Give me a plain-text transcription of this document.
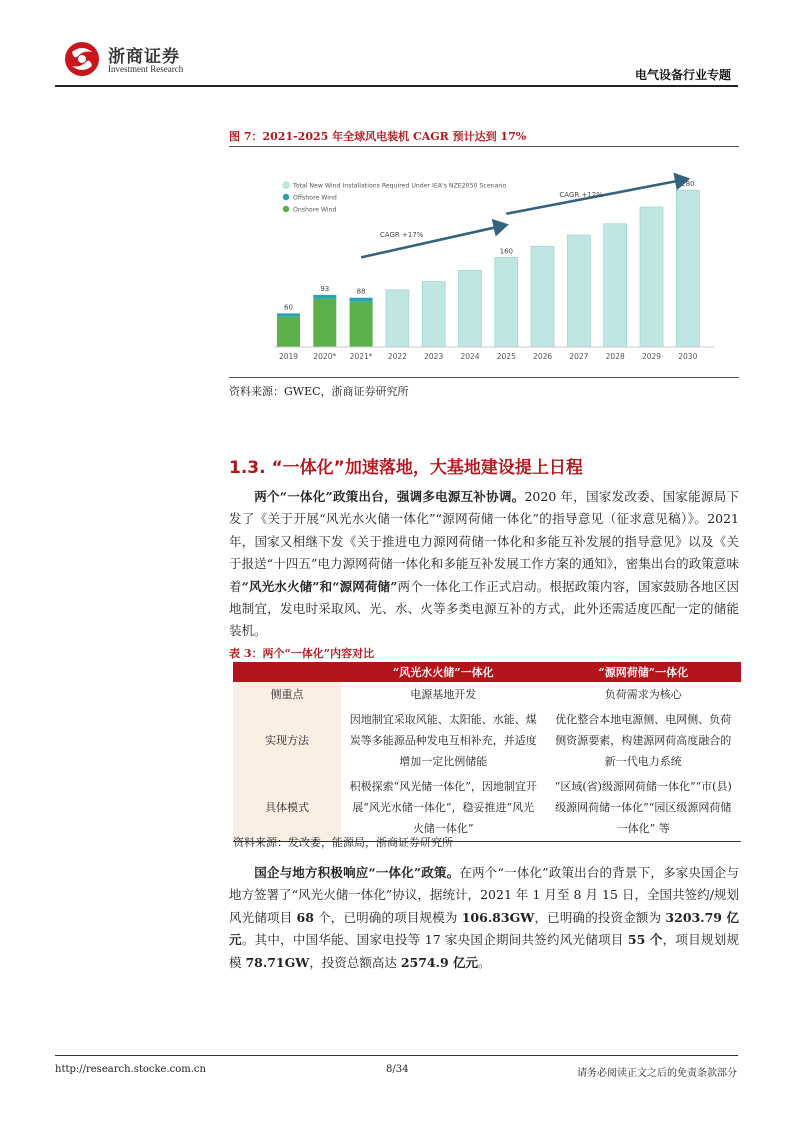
浙商证券
Investment Research	电气设备行业专题
图 7：2021-2025 年全球风电装机 CAGR 预计达到 17%
Total New Wind Installations Required Under IEA's NZE2050 Scenario
Offshore Wind
Onshore Wind
60
2019
93
2020*
88
2021* 2022 2023 2024
160
2025 2026 2027 2028 2029
280
2030
CAGR +17%
CAGR +12%
资料来源：GWEC，浙商证券研究所
1.3. “一体化”加速落地，大基地建设提上日程
两个“一体化”政策出台，强调多电源互补协调。2020 年，国家发改委、国家能源局下发了《关于开展“风光水火储一体化”“源网荷储一体化”的指导意见（征求意见稿）》。2021 年，国家又相继下发《关于推进电力源网荷储一体化和多能互补发展的指导意见》以及《关于报送“十四五”电力源网荷储一体化和多能互补发展工作方案的通知》，密集出台的政策意味着“风光水火储”和“源网荷储”两个一体化工作正式启动。根据政策内容，国家鼓励各地区因地制宜，发电时采取风、光、水、火等多类电源互补的方式，此外还需适度匹配一定的储能装机。
表 3：两个“一体化”内容对比
	“风光水火储”一体化	“源网荷储”一体化
侧重点	电源基地开发	负荷需求为核心
实现方法	因地制宜采取风能、太阳能、水能、煤炭等多能源品种发电互相补充，并适度增加一定比例储能	优化整合本地电源侧、电网侧、负荷侧资源要素，构建源网荷高度融合的新一代电力系统
具体模式	积极探索“风光储一体化”，因地制宜开展“风光水储一体化”，稳妥推进“风光火储一体化”	“区域(省)级源网荷储一体化”“市(县)级源网荷储一体化”“园区级源网荷储一体化” 等
资料来源：发改委，能源局，浙商证券研究所
国企与地方积极响应“一体化”政策。在两个“一体化”政策出台的背景下，多家央国企与地方签署了“风光火储一体化”协议，据统计，2021 年 1 月至 8 月 15 日，全国共签约/规划风光储项目 68 个，已明确的项目规模为 106.83GW，已明确的投资金额为 3203.79 亿元。其中，中国华能、国家电投等 17 家央国企期间共签约风光储项目 55 个，项目规划规模 78.71GW，投资总额高达 2574.9 亿元。
http://research.stocke.com.cn	8/34	请务必阅读正文之后的免责条款部分
